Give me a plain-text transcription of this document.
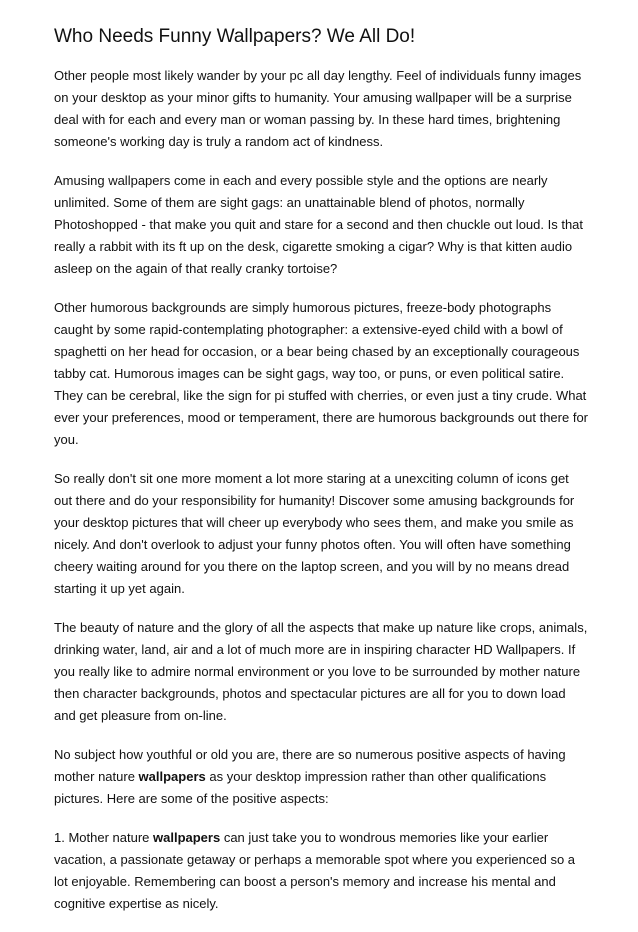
Who Needs Funny Wallpapers? We All Do!

Other people most likely wander by your pc all day lengthy. Feel of individuals funny images on your desktop as your minor gifts to humanity. Your amusing wallpaper will be a surprise deal with for each and every man or woman passing by. In these hard times, brightening someone's working day is truly a random act of kindness.

Amusing wallpapers come in each and every possible style and the options are nearly unlimited. Some of them are sight gags: an unattainable blend of photos, normally Photoshopped - that make you quit and stare for a second and then chuckle out loud. Is that really a rabbit with its ft up on the desk, cigarette smoking a cigar? Why is that kitten audio asleep on the again of that really cranky tortoise?

Other humorous backgrounds are simply humorous pictures, freeze-body photographs caught by some rapid-contemplating photographer: a extensive-eyed child with a bowl of spaghetti on her head for occasion, or a bear being chased by an exceptionally courageous tabby cat. Humorous images can be sight gags, way too, or puns, or even political satire. They can be cerebral, like the sign for pi stuffed with cherries, or even just a tiny crude. What ever your preferences, mood or temperament, there are humorous backgrounds out there for you.

So really don't sit one more moment a lot more staring at a unexciting column of icons get out there and do your responsibility for humanity! Discover some amusing backgrounds for your desktop pictures that will cheer up everybody who sees them, and make you smile as nicely. And don't overlook to adjust your funny photos often. You will often have something cheery waiting around for you there on the laptop screen, and you will by no means dread starting it up yet again.

The beauty of nature and the glory of all the aspects that make up nature like crops, animals, drinking water, land, air and a lot of much more are in inspiring character HD Wallpapers. If you really like to admire normal environment or you love to be surrounded by mother nature then character backgrounds, photos and spectacular pictures are all for you to down load and get pleasure from on-line.

No subject how youthful or old you are, there are so numerous positive aspects of having mother nature wallpapers as your desktop impression rather than other qualifications pictures. Here are some of the positive aspects:

1. Mother nature wallpapers can just take you to wondrous memories like your earlier vacation, a passionate getaway or perhaps a memorable spot where you experienced so a lot enjoyable. Remembering can boost a person's memory and increase his mental and cognitive expertise as nicely.
